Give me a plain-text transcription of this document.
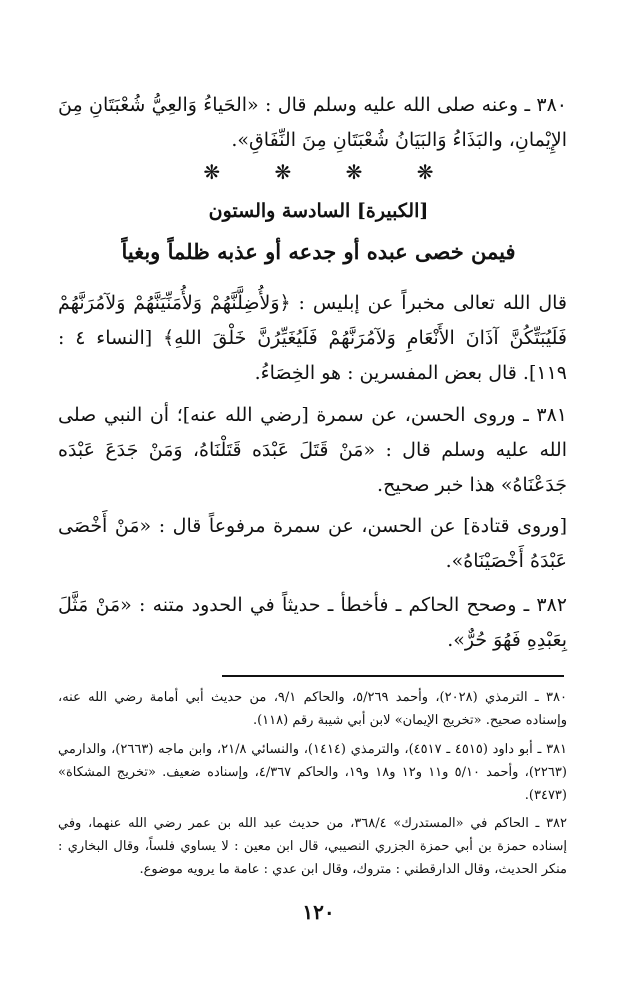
٣٨٠ ـ وعنه صلى الله عليه وسلم قال : «الحَياءُ وَالعِيُّ شُعْبَتَانِ مِنَ الإِيْمانِ، والبَذَاءُ وَالبَيَانُ شُعْبَتَانِ مِنَ النِّفَاقِ».
❋ ❋ ❋ ❋
[الكبيرة] السادسة والستون
فيمن خصى عبده أو جدعه أو عذبه ظلماً وبغياً
قال الله تعالى مخبراً عن إبليس : ﴿وَلأُضِلَّنَّهُمْ وَلأُمَنِّيَنَّهُمْ وَلآمُرَنَّهُمْ فَلَيُبَتِّكُنَّ آذَانَ الأَنْعَامِ وَلآمُرَنَّهُمْ فَلَيُغَيِّرُنَّ خَلْقَ اللهِ﴾ [النساء ٤ : ١١٩]. قال بعض المفسرين : هو الخِصَاءُ.
٣٨١ ـ وروى الحسن، عن سمرة [رضي الله عنه]؛ أن النبي صلى الله عليه وسلم قال : «مَنْ قَتَلَ عَبْدَه قَتَلْنَاهُ، وَمَنْ جَدَعَ عَبْدَه جَدَعْنَاهُ» هذا خبر صحيح.
[وروى قتادة] عن الحسن، عن سمرة مرفوعاً قال : «مَنْ أَخْصَى عَبْدَهُ أَخْصَيْنَاهُ».
٣٨٢ ـ وصحح الحاكم ـ فأخطأ ـ حديثاً في الحدود متنه : «مَنْ مَثَّلَ بِعَبْدِهِ فَهُوَ حُرٌّ».
٣٨٠ ـ الترمذي (٢٠٢٨)، وأحمد ٥/٢٦٩، والحاكم ٩/١، من حديث أبي أمامة رضي الله عنه، وإسناده صحيح. «تخريج الإيمان» لابن أبي شيبة رقم (١١٨).
٣٨١ ـ أبو داود (٤٥١٥ ـ ٤٥١٧)، والترمذي (١٤١٤)، والنسائي ٢١/٨، وابن ماجه (٢٦٦٣)، والدارمي (٢٢٦٣)، وأحمد ٥/١٠ و١١ و١٢ و١٨ و١٩، والحاكم ٤/٣٦٧، وإسناده ضعيف. «تخريج المشكاة» (٣٤٧٣).
٣٨٢ ـ الحاكم في «المستدرك» ٣٦٨/٤، من حديث عبد الله بن عمر رضي الله عنهما، وفي إسناده حمزة بن أبي حمزة الجزري النصيبي، قال ابن معين : لا يساوي فلساً، وقال البخاري : منكر الحديث، وقال الدارقطني : متروك، وقال ابن عدي : عامة ما يرويه موضوع.
١٢٠
